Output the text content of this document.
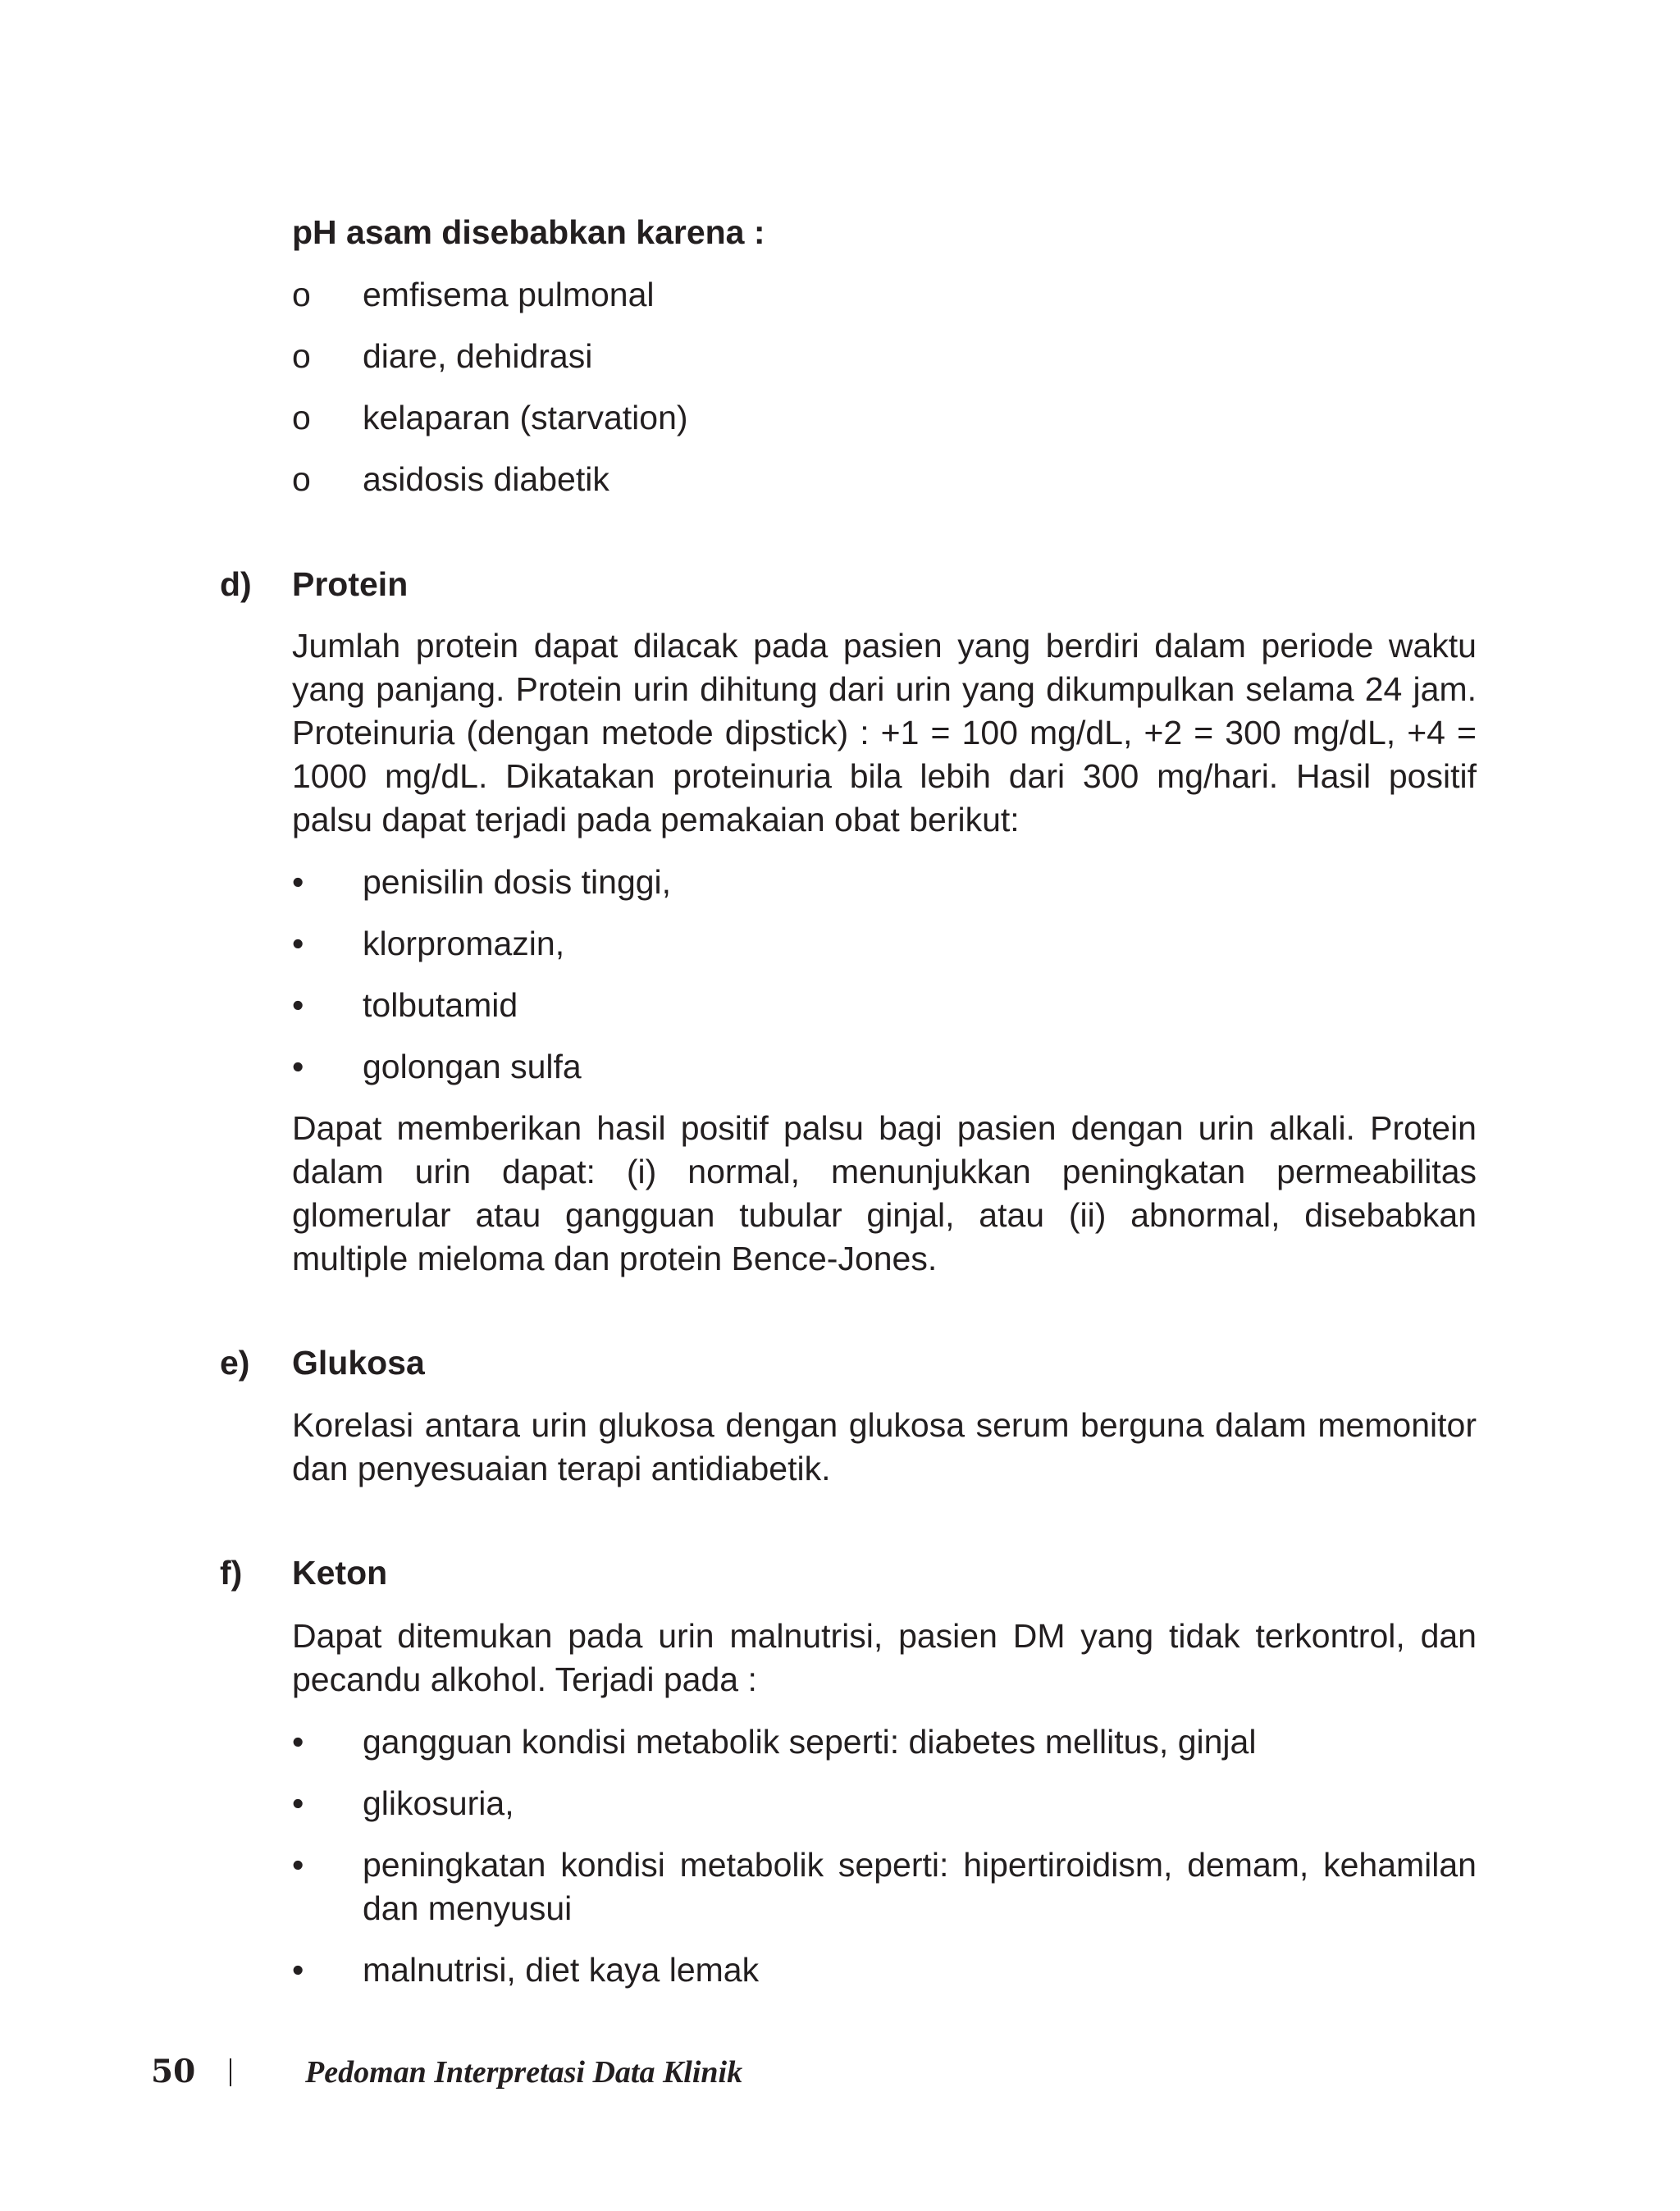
pH asam disebabkan karena :
o	emfisema pulmonal
o	diare, dehidrasi
o	kelaparan (starvation)
o	asidosis diabetik
d) Protein

Jumlah protein dapat dilacak pada pasien yang berdiri dalam periode waktu yang panjang. Protein urin dihitung dari urin yang dikumpulkan selama 24 jam. Proteinuria (dengan metode dipstick) : +1 = 100 mg/dL, +2 = 300 mg/dL, +4 = 1000 mg/dL. Dikatakan proteinuria bila lebih dari 300 mg/hari. Hasil positif palsu dapat terjadi pada pemakaian obat berikut:

•	penisilin dosis tinggi,
•	klorpromazin,
•	tolbutamid
•	golongan sulfa

Dapat memberikan hasil positif palsu bagi pasien dengan urin alkali. Protein dalam urin dapat: (i) normal, menunjukkan peningkatan permeabilitas glomerular atau gangguan tubular ginjal, atau (ii) abnormal, disebabkan multiple mieloma dan protein Bence-Jones.

e) Glukosa

Korelasi antara urin glukosa dengan glukosa serum berguna dalam memonitor dan penyesuaian terapi antidiabetik.

f) Keton

Dapat ditemukan pada urin malnutrisi, pasien DM yang tidak terkontrol, dan pecandu alkohol. Terjadi pada :

•	gangguan kondisi metabolik seperti: diabetes mellitus, ginjal
•	glikosuria,
•	peningkatan kondisi metabolik seperti: hipertiroidism, demam, kehamilan dan menyusui
•	malnutrisi, diet kaya lemak
50	Pedoman Interpretasi Data Klinik
